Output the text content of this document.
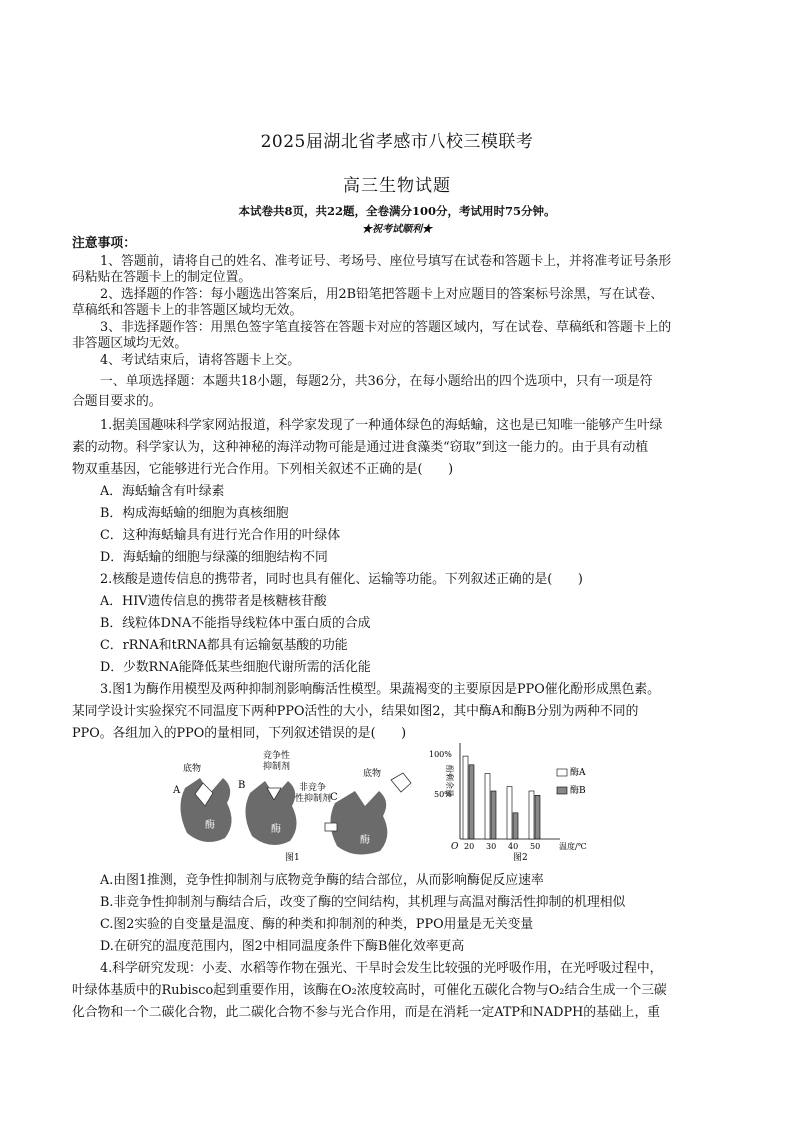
2025届湖北省孝感市八校三模联考
高三生物试题
本试卷共8页，共22题，全卷满分100分，考试用时75分钟。
★祝考试顺利★
注意事项：
1、答题前，请将自己的姓名、准考证号、考场号、座位号填写在试卷和答题卡上，并将准考证号条形
码粘贴在答题卡上的制定位置。
2、选择题的作答：每小题选出答案后，用2B铅笔把答题卡上对应题目的答案标号涂黑，写在试卷、
草稿纸和答题卡上的非答题区域均无效。
3、非选择题作答：用黑色签字笔直接答在答题卡对应的答题区域内，写在试卷、草稿纸和答题卡上的
非答题区域均无效。
4、考试结束后，请将答题卡上交。
一、单项选择题：本题共18小题，每题2分，共36分，在每小题给出的四个选项中，只有一项是符
合题目要求的。
1.据美国趣味科学家网站报道，科学家发现了一种通体绿色的海蛞蝓，这也是已知唯一能够产生叶绿
素的动物。科学家认为，这种神秘的海洋动物可能是通过进食藻类“窃取”到这一能力的。由于具有动植
物双重基因，它能够进行光合作用。下列相关叙述不正确的是(　　)
A．海蛞蝓含有叶绿素
B．构成海蛞蝓的细胞为真核细胞
C．这种海蛞蝓具有进行光合作用的叶绿体
D．海蛞蝓的细胞与绿藻的细胞结构不同
2.核酸是遗传信息的携带者，同时也具有催化、运输等功能。下列叙述正确的是(　　)
A．HIV遗传信息的携带者是核糖核苷酸
B．线粒体DNA不能指导线粒体中蛋白质的合成
C．rRNA和tRNA都具有运输氨基酸的功能
D．少数RNA能降低某些细胞代谢所需的活化能
3.图1为酶作用模型及两种抑制剂影响酶活性模型。果蔬褐变的主要原因是PPO催化酚形成黑色素。
某同学设计实验探究不同温度下两种PPO活性的大小，结果如图2，其中酶A和酶B分别为两种不同的
PPO。各组加入的PPO的量相同，下列叙述错误的是(　　)
酶
A
底物
酶
B
竞争性
抑制剂
酶
C
非竞争
性抑制剂
底物
图1
酚剩余量
100%
50%
O	温度/℃
20 30 40 50
酶A
酶B
图2
A.由图1推测，竞争性抑制剂与底物竞争酶的结合部位，从而影响酶促反应速率
B.非竞争性抑制剂与酶结合后，改变了酶的空间结构，其机理与高温对酶活性抑制的机理相似
C.图2实验的自变量是温度、酶的种类和抑制剂的种类，PPO用量是无关变量
D.在研究的温度范围内，图2中相同温度条件下酶B催化效率更高
4.科学研究发现：小麦、水稻等作物在强光、干旱时会发生比较强的光呼吸作用，在光呼吸过程中，
叶绿体基质中的Rubisco起到重要作用，该酶在O₂浓度较高时，可催化五碳化合物与O₂结合生成一个三碳
化合物和一个二碳化合物，此二碳化合物不参与光合作用，而是在消耗一定ATP和NADPH的基础上，重
